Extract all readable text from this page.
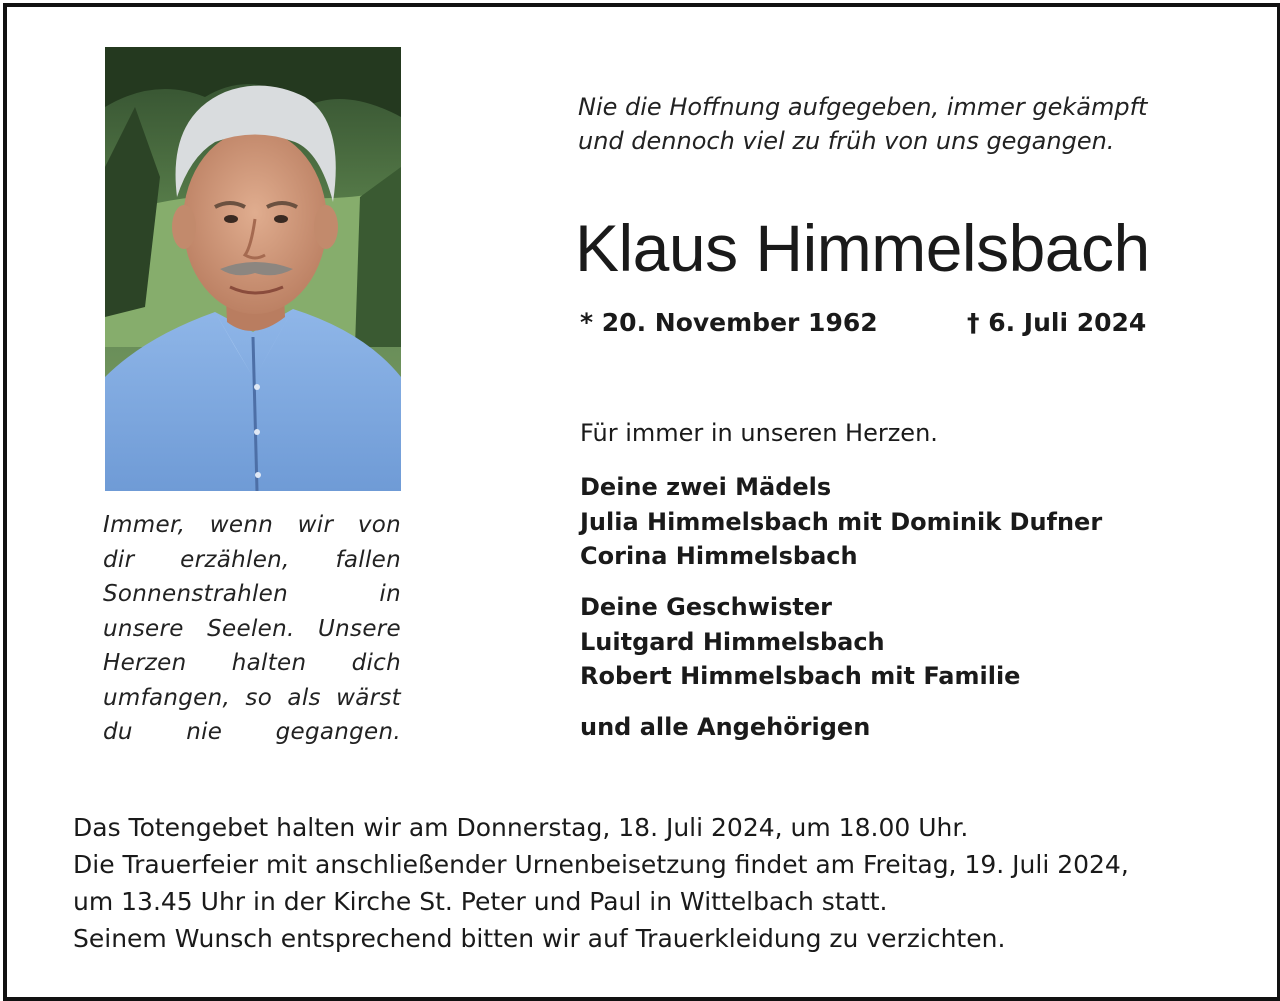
Immer, wenn wir von
dir erzählen, fallen
Sonnenstrahlen in
unsere Seelen. Unsere
Herzen halten dich
umfangen, so als wärst
du nie gegangen.
Nie die Hoffnung aufgegeben, immer gekämpft
und dennoch viel zu früh von uns gegangen.
Klaus Himmelsbach
* 20. November 1962	† 6. Juli 2024
Für immer in unseren Herzen.
Deine zwei Mädels
Julia Himmelsbach mit Dominik Dufner
Corina Himmelsbach
Deine Geschwister
Luitgard Himmelsbach
Robert Himmelsbach mit Familie
und alle Angehörigen
Das Totengebet halten wir am Donnerstag, 18. Juli 2024, um 18.00 Uhr.
Die Trauerfeier mit anschließender Urnenbeisetzung findet am Freitag, 19. Juli 2024,
um 13.45 Uhr in der Kirche St. Peter und Paul in Wittelbach statt.
Seinem Wunsch entsprechend bitten wir auf Trauerkleidung zu verzichten.
